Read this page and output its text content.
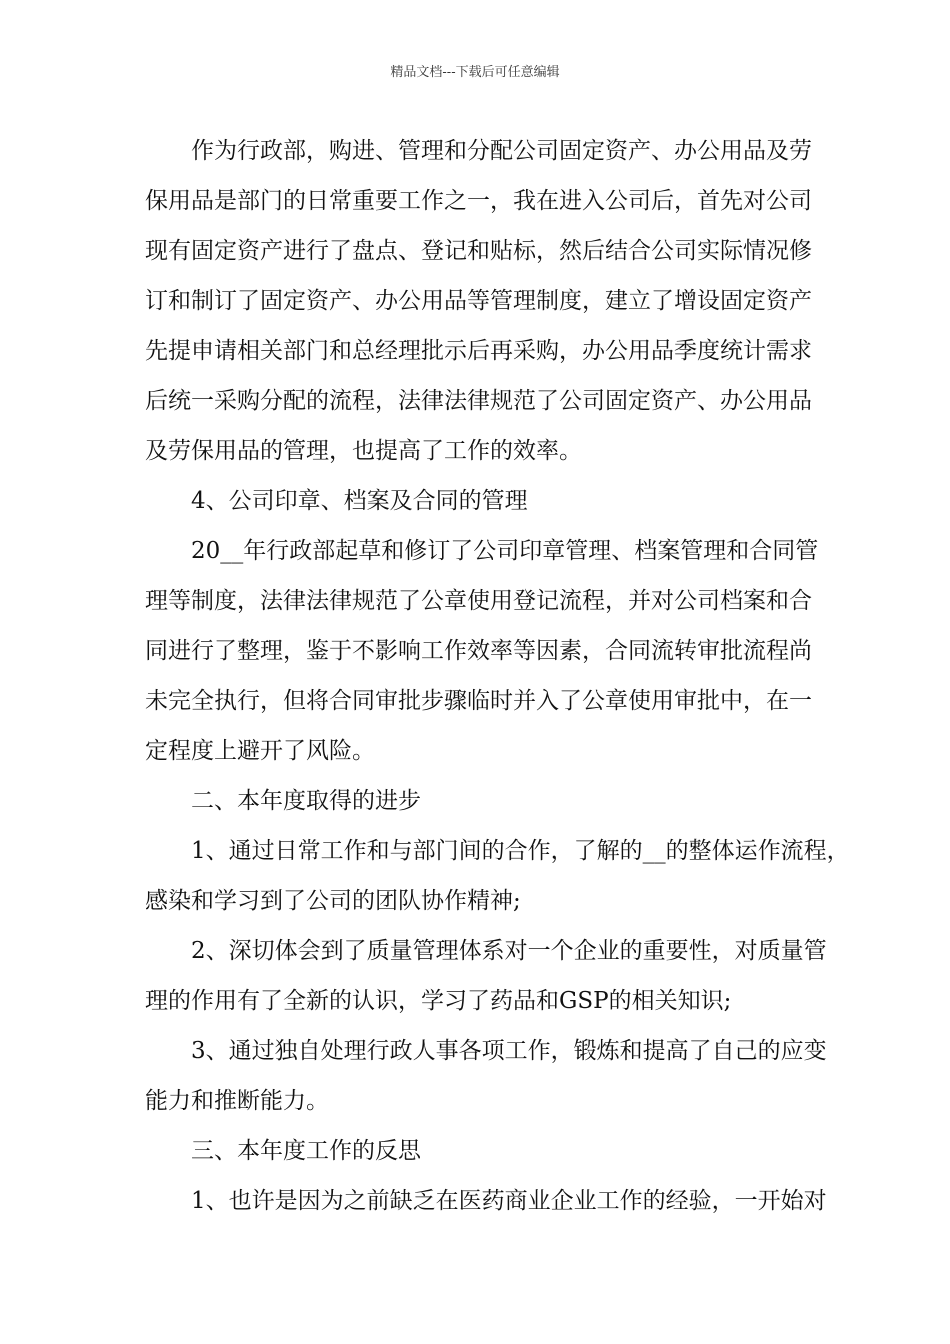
精品文档---下载后可任意编辑
作为行政部，购进、管理和分配公司固定资产、办公用品及劳
保用品是部门的日常重要工作之一，我在进入公司后，首先对公司
现有固定资产进行了盘点、登记和贴标，然后结合公司实际情况修
订和制订了固定资产、办公用品等管理制度，建立了增设固定资产
先提申请相关部门和总经理批示后再采购，办公用品季度统计需求
后统一采购分配的流程，法律法律规范了公司固定资产、办公用品
及劳保用品的管理，也提高了工作的效率。
4、公司印章、档案及合同的管理
20__年行政部起草和修订了公司印章管理、档案管理和合同管
理等制度，法律法律规范了公章使用登记流程，并对公司档案和合
同进行了整理，鉴于不影响工作效率等因素，合同流转审批流程尚
未完全执行，但将合同审批步骤临时并入了公章使用审批中，在一
定程度上避开了风险。
二、本年度取得的进步
1、通过日常工作和与部门间的合作，了解的__的整体运作流程，
感染和学习到了公司的团队协作精神;
2、深切体会到了质量管理体系对一个企业的重要性，对质量管
理的作用有了全新的认识，学习了药品和GSP的相关知识;
3、通过独自处理行政人事各项工作，锻炼和提高了自己的应变
能力和推断能力。
三、本年度工作的反思
1、也许是因为之前缺乏在医药商业企业工作的经验，一开始对
